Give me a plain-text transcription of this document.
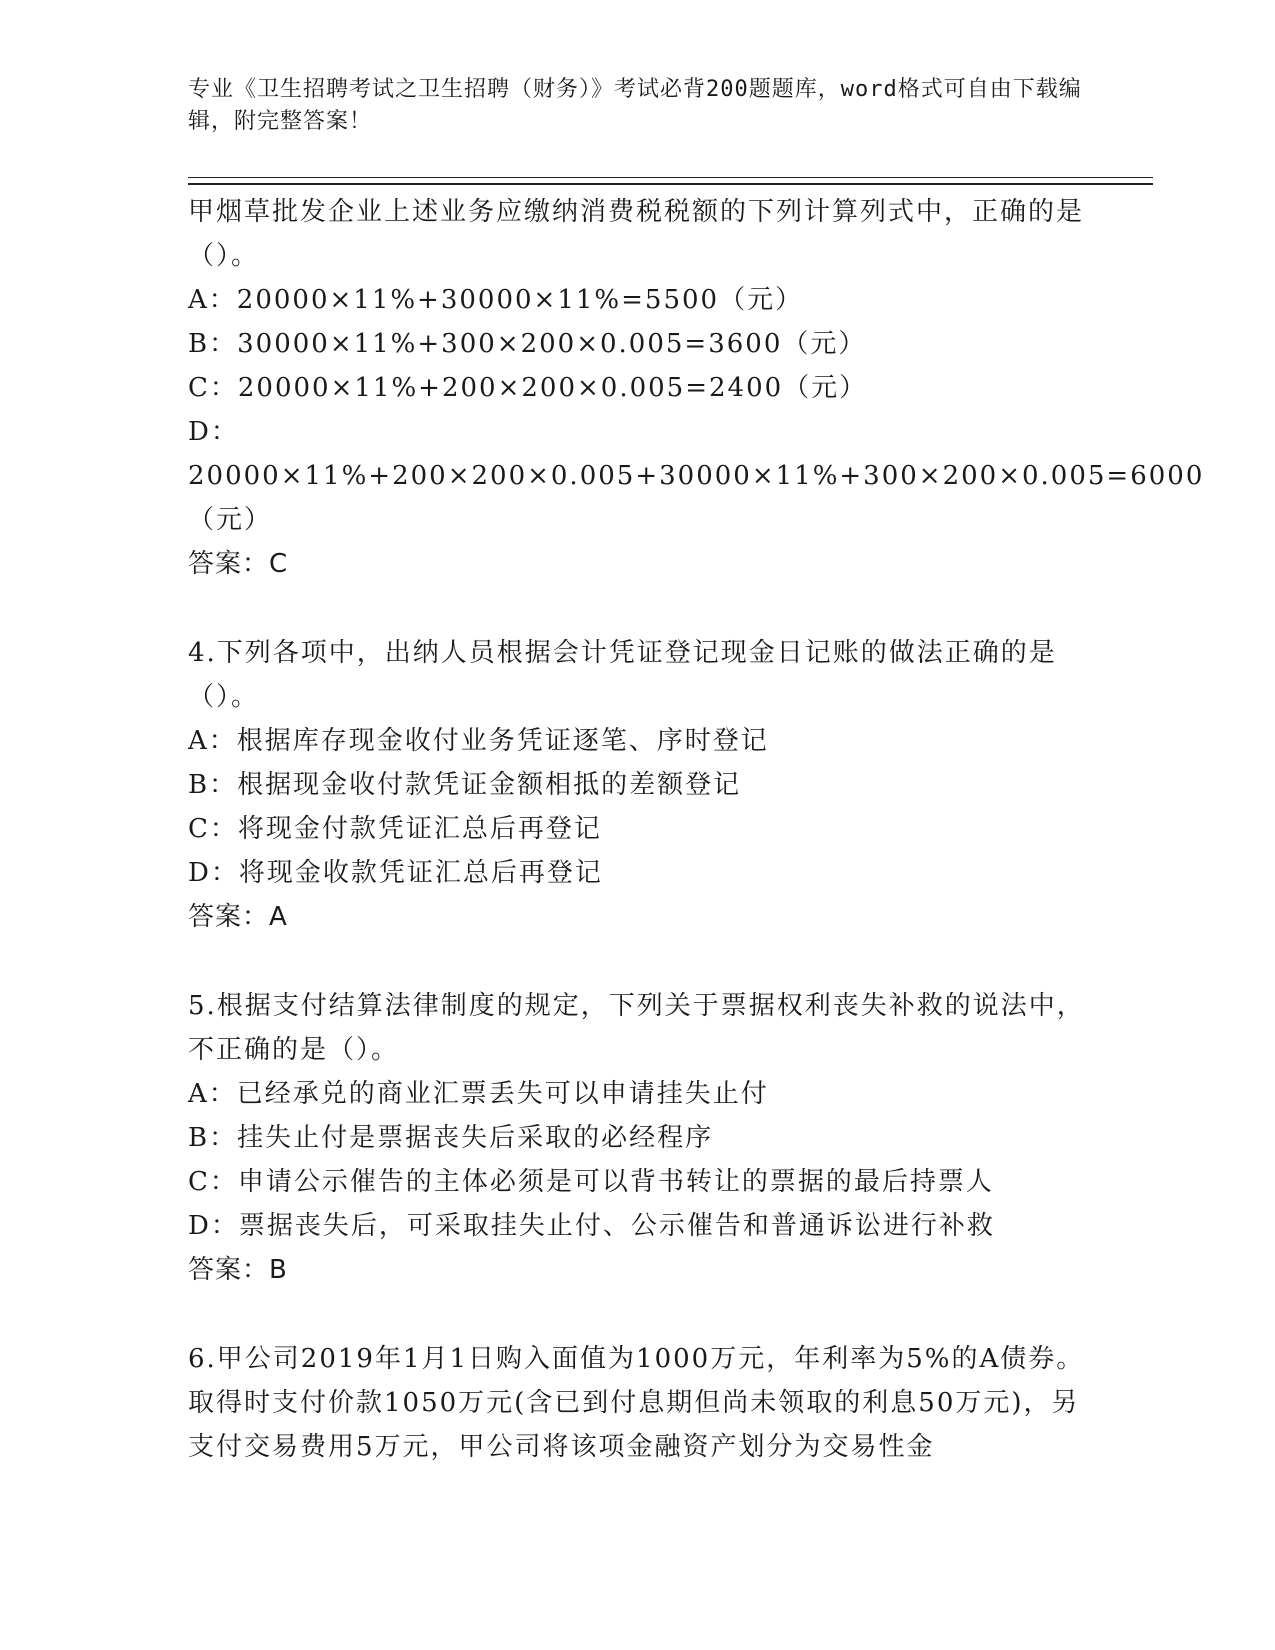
专业《卫生招聘考试之卫生招聘（财务）》考试必背200题题库，word格式可自由下载编辑，附完整答案！

甲烟草批发企业上述业务应缴纳消费税税额的下列计算列式中，正确的是（）。

A：20000×11%+30000×11%=5500（元）

B：30000×11%+300×200×0.005=3600（元）

C：20000×11%+200×200×0.005=2400（元）

D：20000×11%+200×200×0.005+30000×11%+300×200×0.005=6000（元）

答案：C

4.下列各项中，出纳人员根据会计凭证登记现金日记账的做法正确的是（）。

A：根据库存现金收付业务凭证逐笔、序时登记

B：根据现金收付款凭证金额相抵的差额登记

C：将现金付款凭证汇总后再登记

D：将现金收款凭证汇总后再登记

答案：A

5.根据支付结算法律制度的规定，下列关于票据权利丧失补救的说法中，不正确的是（）。

A：已经承兑的商业汇票丢失可以申请挂失止付

B：挂失止付是票据丧失后采取的必经程序

C：申请公示催告的主体必须是可以背书转让的票据的最后持票人

D：票据丧失后，可采取挂失止付、公示催告和普通诉讼进行补救

答案：B

6.甲公司2019年1月1日购入面值为1000万元，年利率为5%的A债券。取得时支付价款1050万元(含已到付息期但尚未领取的利息50万元)，另支付交易费用5万元，甲公司将该项金融资产划分为交易性金
